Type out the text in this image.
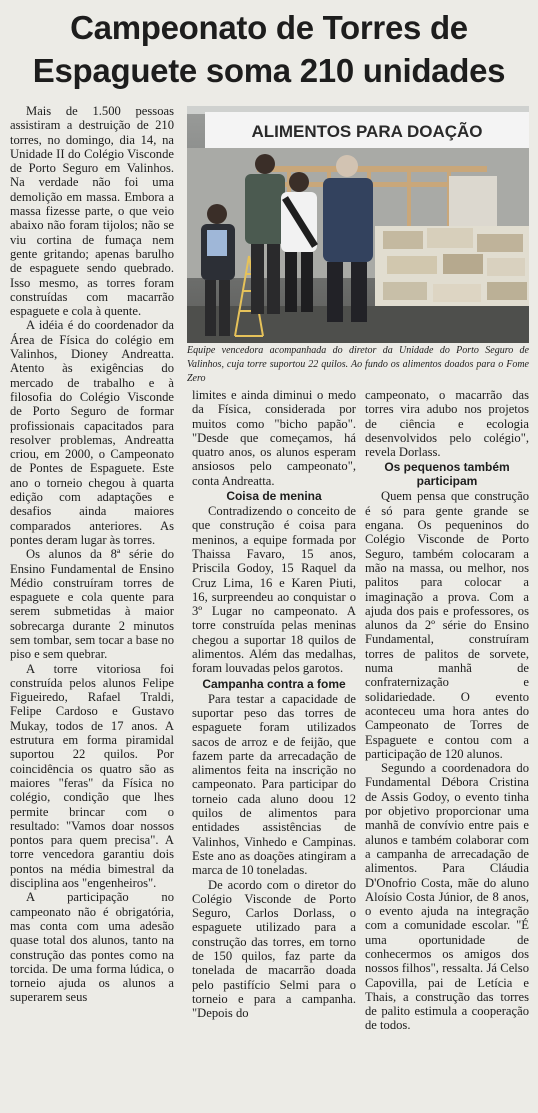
Campeonato de Torres de
Espaguete soma 210 unidades

Mais de 1.500 pessoas assistiram a destruição de 210 torres, no domingo, dia 14, na Unidade II do Colégio Visconde de Porto Seguro em Valinhos. Na verdade não foi uma demolição em massa. Embora a massa fizesse parte, o que veio abaixo não foram tijolos; não se viu cortina de fumaça nem gente gritando; apenas barulho de espaguete sendo quebrado. Isso mesmo, as torres foram construídas com macarrão espaguete e cola à quente.

A idéia é do coordenador da Área de Física do colégio em Valinhos, Dioney Andreatta. Atento às exigências do mercado de trabalho e à filosofia do Colégio Visconde de Porto Seguro de formar profissionais capacitados para resolver problemas, Andreatta criou, em 2000, o Campeonato de Pontes de Espaguete. Este ano o torneio chegou à quarta edição com adaptações e desafios ainda maiores comparados anteriores. As pontes deram lugar às torres.

Os alunos da 8ª série do Ensino Fundamental de Ensino Médio construíram torres de espaguete e cola quente para serem submetidas à maior sobrecarga durante 2 minutos sem tombar, sem tocar a base no piso e sem quebrar.

A torre vitoriosa foi construída pelos alunos Felipe Figueiredo, Rafael Traldi, Felipe Cardoso e Gustavo Mukay, todos de 17 anos. A estrutura em forma piramidal suportou 22 quilos. Por coincidência os quatro são as maiores "feras" da Física no colégio, condição que lhes permite brincar com o resultado: "Vamos doar nossos pontos para quem precisa". A torre vencedora garantiu dois pontos na média bimestral da disciplina aos "engenheiros".

A participação no campeonato não é obrigatória, mas conta com uma adesão quase total dos alunos, tanto na construção das pontes como na torcida. De uma forma lúdica, o torneio ajuda os alunos a superarem seus

ALIMENTOS PARA DOAÇÃO
Equipe vencedora acompanhada do diretor da Unidade do Porto Seguro de Valinhos, cuja torre suportou 22 quilos. Ao fundo os alimentos doados para o Fome Zero

limites e ainda diminui o medo da Física, considerada por muitos como "bicho papão". "Desde que começamos, há quatro anos, os alunos esperam ansiosos pelo campeonato", conta Andreatta.

Coisa de menina

Contradizendo o conceito de que construção é coisa para meninos, a equipe formada por Thaissa Favaro, 15 anos, Priscila Godoy, 15 Raquel da Cruz Lima, 16 e Karen Piuti, 16, surpreendeu ao conquistar o 3º Lugar no campeonato. A torre construída pelas meninas chegou a suportar 18 quilos de alimentos. Além das medalhas, foram louvadas pelos garotos.

Campanha contra a fome

Para testar a capacidade de suportar peso das torres de espaguete foram utilizados sacos de arroz e de feijão, que fazem parte da arrecadação de alimentos feita na inscrição no campeonato. Para participar do torneio cada aluno doou 12 quilos de alimentos para entidades assistências de Valinhos, Vinhedo e Campinas. Este ano as doações atingiram a marca de 10 toneladas.

De acordo com o diretor do Colégio Visconde de Porto Seguro, Carlos Dorlass, o espaguete utilizado para a construção das torres, em torno de 150 quilos, faz parte da tonelada de macarrão doada pelo pastifício Selmi para o torneio e para a campanha. "Depois do

campeonato, o macarrão das torres vira adubo nos projetos de ciência e ecologia desenvolvidos pelo colégio", revela Dorlass.

Os pequenos também participam

Quem pensa que construção é só para gente grande se engana. Os pequeninos do Colégio Visconde de Porto Seguro, também colocaram a mão na massa, ou melhor, nos palitos para colocar a imaginação a prova. Com a ajuda dos pais e professores, os alunos da 2º série do Ensino Fundamental, construíram torres de palitos de sorvete, numa manhã de confraternização e solidariedade. O evento aconteceu uma hora antes do Campeonato de Torres de Espaguete e contou com a participação de 120 alunos.

Segundo a coordenadora do Fundamental Débora Cristina de Assis Godoy, o evento tinha por objetivo proporcionar uma manhã de convívio entre pais e alunos e também colaborar com a campanha de arrecadação de alimentos. Para Cláudia D'Onofrio Costa, mãe do aluno Aloísio Costa Júnior, de 8 anos, o evento ajuda na integração com a comunidade escolar. "É uma oportunidade de conhecermos os amigos dos nossos filhos", ressalta. Já Celso Capovilla, pai de Letícia e Thais, a construção das torres de palito estimula a cooperação de todos.
